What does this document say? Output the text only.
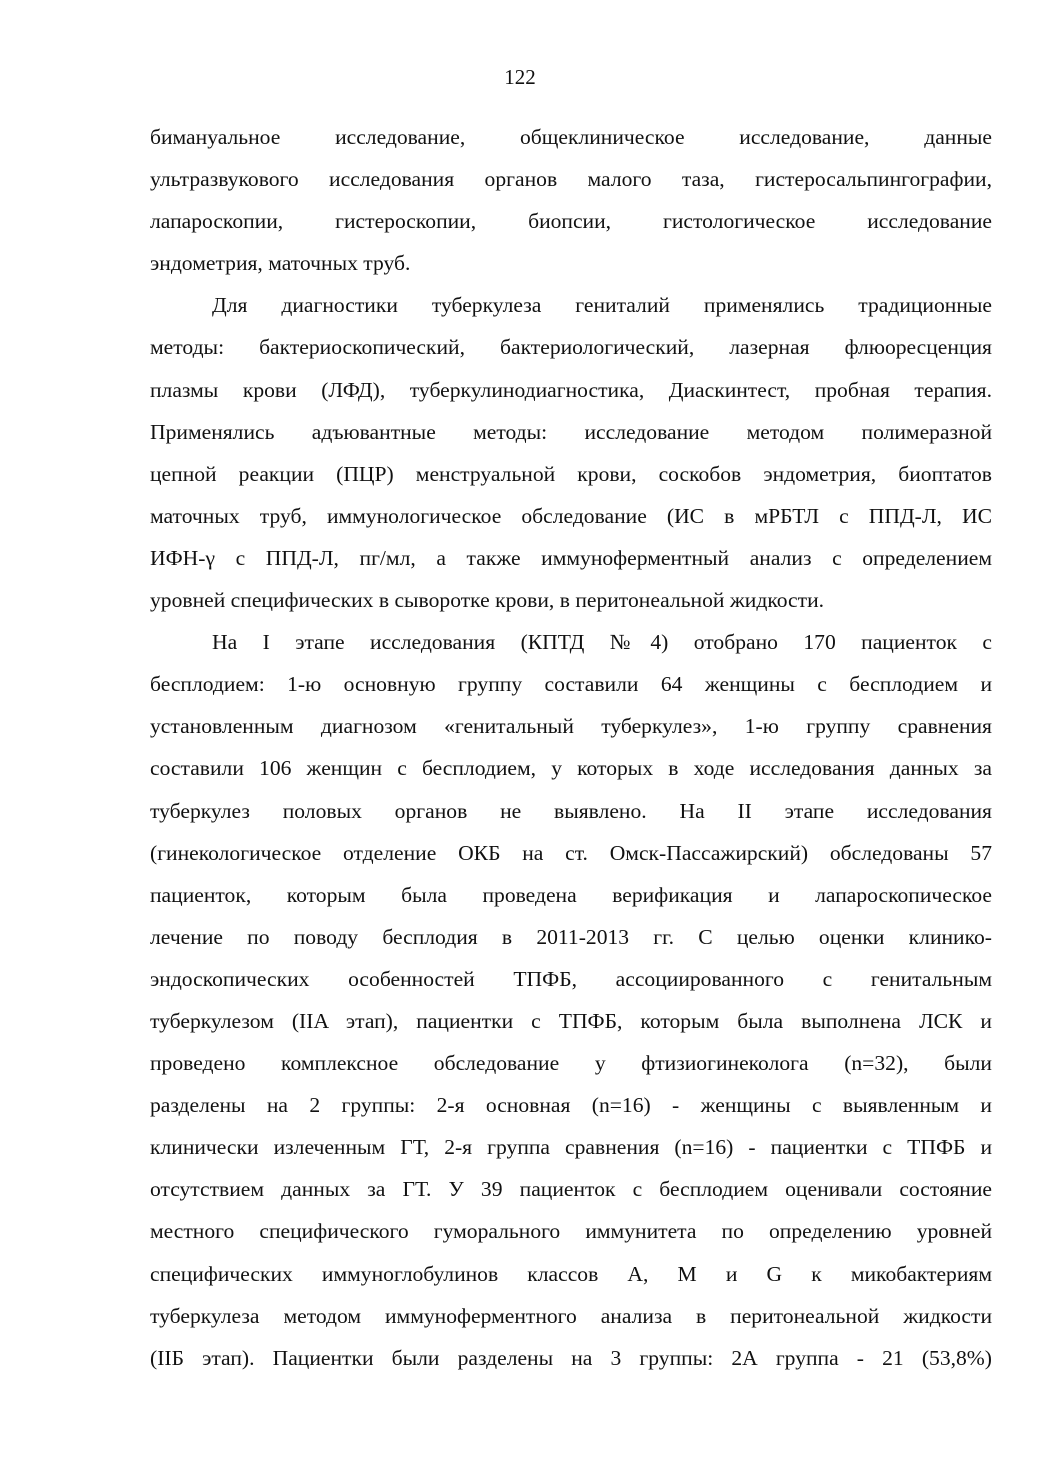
122
бимануальное исследование, общеклиническое исследование, данные
ультразвукового исследования органов малого таза, гистеросальпингографии,
лапароскопии, гистероскопии, биопсии, гистологическое исследование
эндометрия, маточных труб.
Для диагностики туберкулеза гениталий применялись традиционные
методы: бактериоскопический, бактериологический, лазерная флюоресценция
плазмы крови (ЛФД), туберкулинодиагностика, Диаскинтест, пробная терапия.
Применялись адъювантные методы: исследование методом полимеразной
цепной реакции (ПЦР) менструальной крови, соскобов эндометрия, биоптатов
маточных труб, иммунологическое обследование (ИС в мРБТЛ с ППД-Л, ИС
ИФН-γ с ППД-Л, пг/мл, а также иммуноферментный анализ с определением
уровней специфических в сыворотке крови, в перитонеальной жидкости.
На I этапе исследования (КПТД №4) отобрано 170 пациенток с
бесплодием: 1-ю основную группу составили 64 женщины с бесплодием и
установленным диагнозом «генитальный туберкулез», 1-ю группу сравнения
составили 106 женщин с бесплодием, у которых в ходе исследования данных за
туберкулез половых органов не выявлено. На II этапе исследования
(гинекологическое отделение ОКБ на ст. Омск-Пассажирский) обследованы 57
пациенток, которым была проведена верификация и лапароскопическое
лечение по поводу бесплодия в 2011-2013 гг. С целью оценки клинико-
эндоскопических особенностей ТПФБ, ассоциированного с генитальным
туберкулезом (IIA этап), пациентки с ТПФБ, которым была выполнена ЛСК и
проведено комплексное обследование у фтизиогинеколога (n=32), были
разделены на 2 группы: 2-я основная (n=16) - женщины с выявленным и
клинически излеченным ГТ, 2-я группа сравнения (n=16) - пациентки с ТПФБ и
отсутствием данных за ГТ. У 39 пациенток с бесплодием оценивали состояние
местного специфического гуморального иммунитета по определению уровней
специфических иммуноглобулинов классов А, М и G к микобактериям
туберкулеза методом иммуноферментного анализа в перитонеальной жидкости
(IIБ этап). Пациентки были разделены на 3 группы: 2А группа - 21 (53,8%)
